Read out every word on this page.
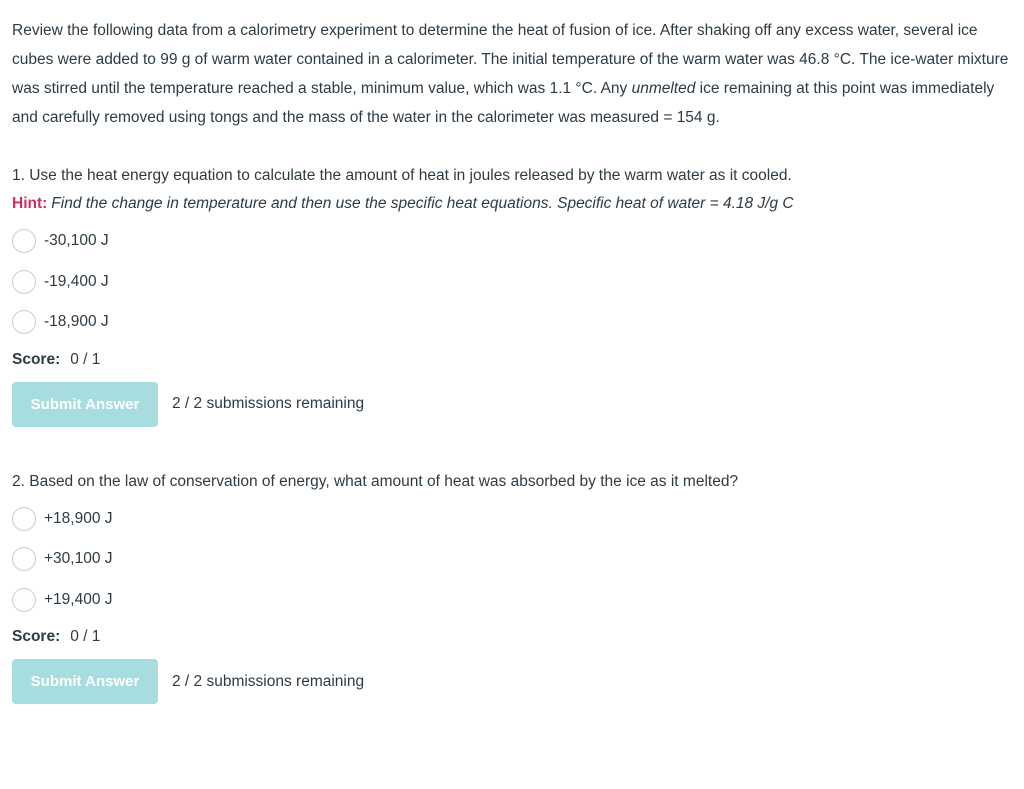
Review the following data from a calorimetry experiment to determine the heat of fusion of ice. After shaking off any excess water, several ice cubes were added to 99 g of warm water contained in a calorimeter. The initial temperature of the warm water was 46.8 °C. The ice-water mixture was stirred until the temperature reached a stable, minimum value, which was 1.1 °C. Any unmelted ice remaining at this point was immediately and carefully removed using tongs and the mass of the water in the calorimeter was measured = 154 g.

1. Use the heat energy equation to calculate the amount of heat in joules released by the warm water as it cooled.

Hint: Find the change in temperature and then use the specific heat equations. Specific heat of water = 4.18 J/g C

-30,100 J
-19,400 J
-18,900 J
Score: 0 / 1
Submit Answer	2 / 2 submissions remaining

2. Based on the law of conservation of energy, what amount of heat was absorbed by the ice as it melted?

+18,900 J
+30,100 J
+19,400 J
Score: 0 / 1
Submit Answer	2 / 2 submissions remaining
